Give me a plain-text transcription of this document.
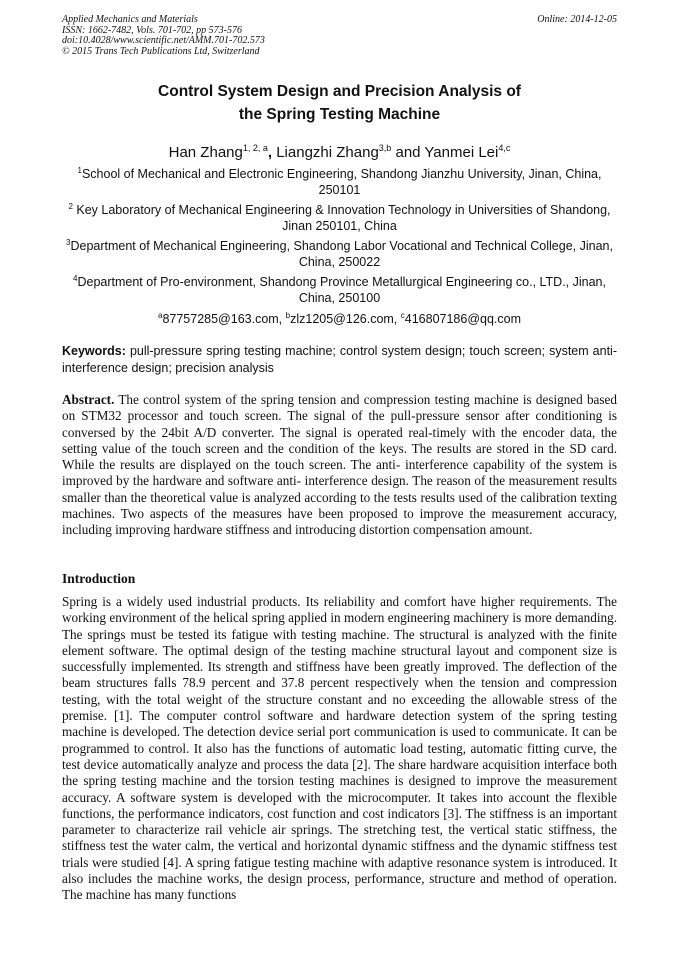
Applied Mechanics and Materials
ISSN: 1662-7482, Vols. 701-702, pp 573-576
doi:10.4028/www.scientific.net/AMM.701-702.573
© 2015 Trans Tech Publications Ltd, Switzerland
Online: 2014-12-05
Control System Design and Precision Analysis of
the Spring Testing Machine
Han Zhang$^{1, 2, a}$, Liangzhi Zhang$^{3,b}$ and Yanmei Lei$^{4,c}$
$^1$School of Mechanical and Electronic Engineering, Shandong Jianzhu University, Jinan, China, 250101
$^2$ Key Laboratory of Mechanical Engineering & Innovation Technology in Universities of Shandong, Jinan 250101, China
$^3$Department of Mechanical Engineering, Shandong Labor Vocational and Technical College, Jinan, China, 250022
$^4$Department of Pro-environment, Shandong Province Metallurgical Engineering co., LTD., Jinan, China, 250100
$^a$87757285@163.com, $^b$zlz1205@126.com, $^c$416807186@qq.com
Keywords: pull-pressure spring testing machine; control system design; touch screen; system anti-interference design; precision analysis
Abstract. The control system of the spring tension and compression testing machine is designed based on STM32 processor and touch screen. The signal of the pull-pressure sensor after conditioning is conversed by the 24bit A/D converter. The signal is operated real-timely with the encoder data, the setting value of the touch screen and the condition of the keys. The results are stored in the SD card. While the results are displayed on the touch screen. The anti- interference capability of the system is improved by the hardware and software anti- interference design. The reason of the measurement results smaller than the theoretical value is analyzed according to the tests results used of the calibration texting machines. Two aspects of the measures have been proposed to improve the measurement accuracy, including improving hardware stiffness and introducing distortion compensation amount.
Introduction
Spring is a widely used industrial products. Its reliability and comfort have higher requirements. The working environment of the helical spring applied in modern engineering machinery is more demanding. The springs must be tested its fatigue with testing machine. The structural is analyzed with the finite element software. The optimal design of the testing machine structural layout and component size is successfully implemented. Its strength and stiffness have been greatly improved. The deflection of the beam structures falls 78.9 percent and 37.8 percent respectively when the tension and compression testing, with the total weight of the structure constant and no exceeding the allowable stress of the premise. [1]. The computer control software and hardware detection system of the spring testing machine is developed. The detection device serial port communication is used to communicate. It can be programmed to control. It also has the functions of automatic load testing, automatic fitting curve, the test device automatically analyze and process the data [2]. The share hardware acquisition interface both the spring testing machine and the torsion testing machines is designed to improve the measurement accuracy. A software system is developed with the microcomputer. It takes into account the flexible functions, the performance indicators, cost function and cost indicators [3]. The stiffness is an important parameter to characterize rail vehicle air springs. The stretching test, the vertical static stiffness, the stiffness test the water calm, the vertical and horizontal dynamic stiffness and the dynamic stiffness test trials were studied [4]. A spring fatigue testing machine with adaptive resonance system is introduced. It also includes the machine works, the design process, performance, structure and method of operation. The machine has many functions
